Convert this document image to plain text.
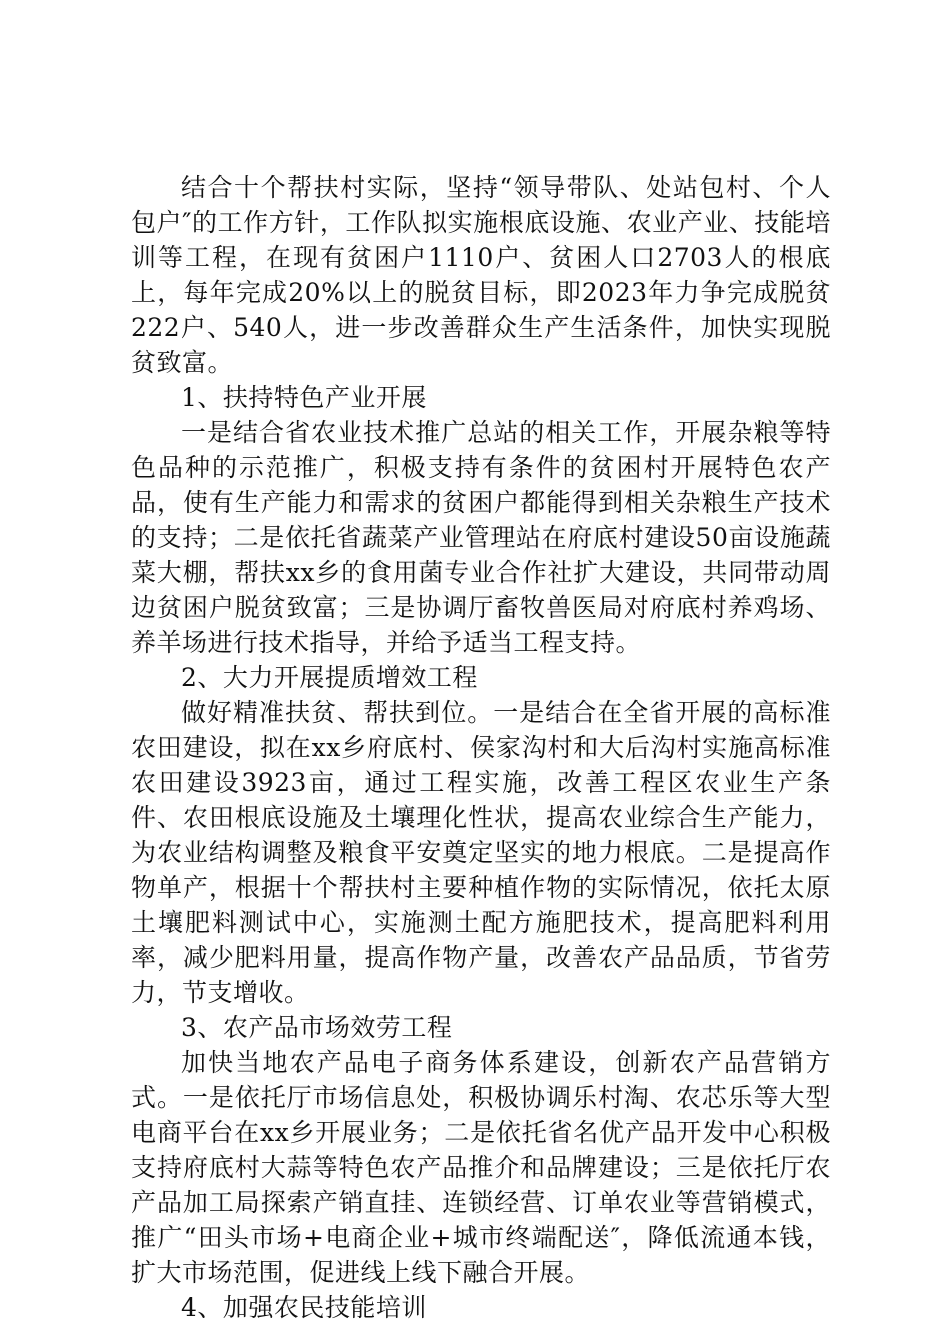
结合十个帮扶村实际，坚持“领导带队、处站包村、个人包户″的工作方针，工作队拟实施根底设施、农业产业、技能培训等工程，在现有贫困户1110户、贫困人口2703人的根底上，每年完成20%以上的脱贫目标，即2023年力争完成脱贫222户、540人，进一步改善群众生产生活条件，加快实现脱贫致富。

1、扶持特色产业开展

一是结合省农业技术推广总站的相关工作，开展杂粮等特色品种的示范推广，积极支持有条件的贫困村开展特色农产品，使有生产能力和需求的贫困户都能得到相关杂粮生产技术的支持；二是依托省蔬菜产业管理站在府底村建设50亩设施蔬菜大棚，帮扶xx乡的食用菌专业合作社扩大建设，共同带动周边贫困户脱贫致富；三是协调厅畜牧兽医局对府底村养鸡场、养羊场进行技术指导，并给予适当工程支持。

2、大力开展提质增效工程

做好精准扶贫、帮扶到位。一是结合在全省开展的高标准农田建设，拟在xx乡府底村、侯家沟村和大后沟村实施高标准农田建设3923亩，通过工程实施，改善工程区农业生产条件、农田根底设施及土壤理化性状，提高农业综合生产能力，为农业结构调整及粮食平安奠定坚实的地力根底。二是提高作物单产，根据十个帮扶村主要种植作物的实际情况，依托太原土壤肥料测试中心，实施测土配方施肥技术，提高肥料利用率，减少肥料用量，提高作物产量，改善农产品品质，节省劳力，节支增收。

3、农产品市场效劳工程

加快当地农产品电子商务体系建设，创新农产品营销方式。一是依托厅市场信息处，积极协调乐村淘、农芯乐等大型电商平台在xx乡开展业务；二是依托省名优产品开发中心积极支持府底村大蒜等特色农产品推介和品牌建设；三是依托厅农产品加工局探索产销直挂、连锁经营、订单农业等营销模式，推广“田头市场+电商企业+城市终端配送″，降低流通本钱，扩大市场范围，促进线上线下融合开展。

4、加强农民技能培训
